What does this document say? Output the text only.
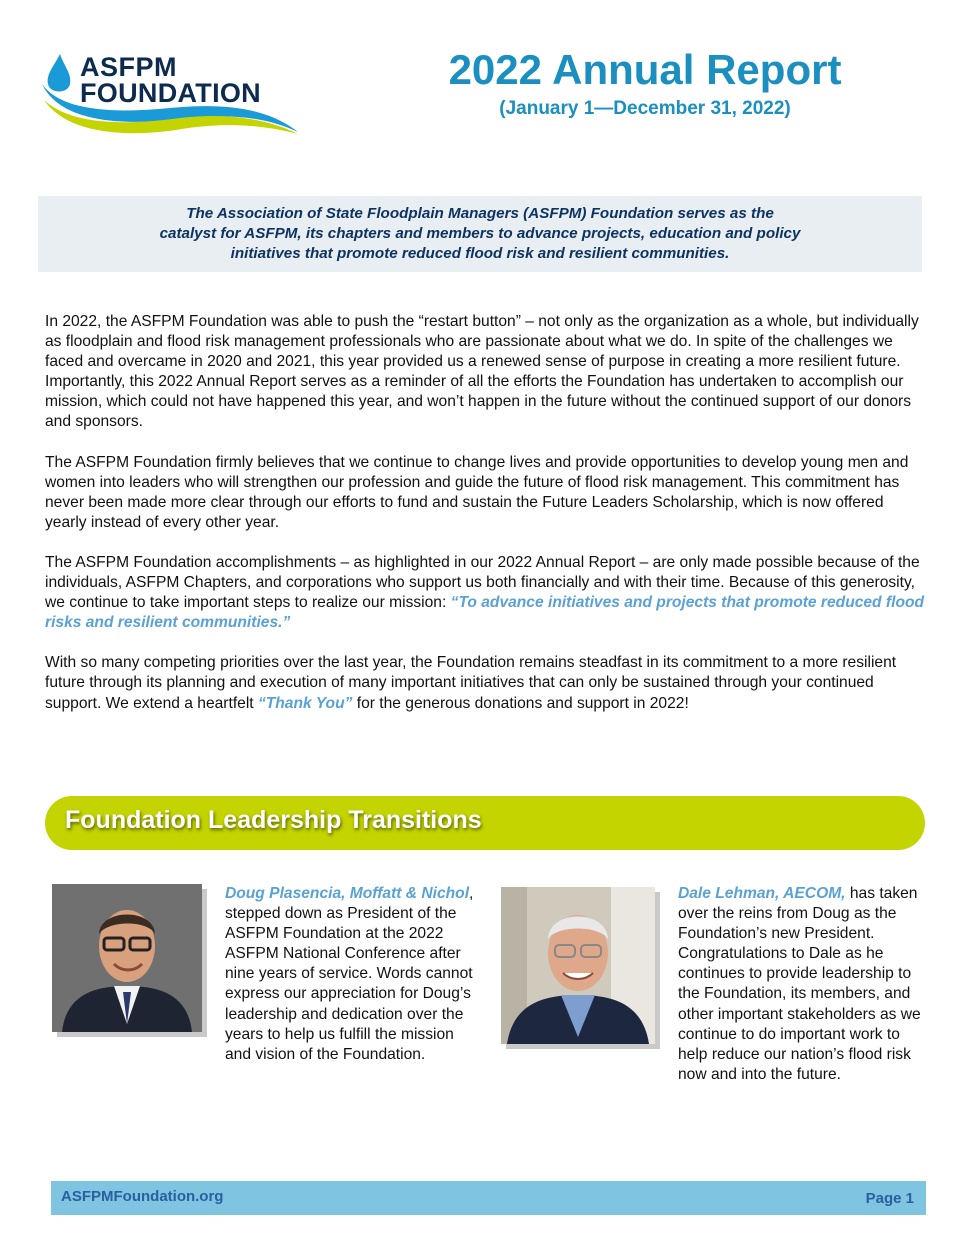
ASFPM
FOUNDATION	2022 Annual Report
(January 1—December 31, 2022)
The Association of State Floodplain Managers (ASFPM) Foundation serves as the
catalyst for ASFPM, its chapters and members to advance projects, education and policy
initiatives that promote reduced flood risk and resilient communities.

In 2022, the ASFPM Foundation was able to push the “restart button” – not only as the organization as a whole, but individually as floodplain and flood risk management professionals who are passionate about what we do. In spite of the challenges we faced and overcame in 2020 and 2021, this year provided us a renewed sense of purpose in creating a more resilient future. Importantly, this 2022 Annual Report serves as a reminder of all the efforts the Foundation has undertaken to accomplish our mission, which could not have happened this year, and won’t happen in the future without the continued support of our donors and sponsors.

The ASFPM Foundation firmly believes that we continue to change lives and provide opportunities to develop young men and women into leaders who will strengthen our profession and guide the future of flood risk management. This commitment has never been made more clear through our efforts to fund and sustain the Future Leaders Scholarship, which is now offered yearly instead of every other year.

The ASFPM Foundation accomplishments – as highlighted in our 2022 Annual Report – are only made possible because of the individuals, ASFPM Chapters, and corporations who support us both financially and with their time. Because of this generosity, we continue to take important steps to realize our mission: “To advance initiatives and projects that promote reduced flood risks and resilient communities.”

With so many competing priorities over the last year, the Foundation remains steadfast in its commitment to a more resilient future through its planning and execution of many important initiatives that can only be sustained through your continued support. We extend a heartfelt “Thank You” for the generous donations and support in 2022!

Foundation Leadership Transitions
Doug Plasencia, Moffatt & Nichol, stepped down as President of the ASFPM Foundation at the 2022 ASFPM National Conference after nine years of service. Words cannot express our appreciation for Doug’s leadership and dedication over the years to help us fulfill the mission and vision of the Foundation.
Dale Lehman, AECOM, has taken over the reins from Doug as the Foundation’s new President. Congratulations to Dale as he continues to provide leadership to the Foundation, its members, and other important stakeholders as we continue to do important work to help reduce our nation’s flood risk now and into the future.
ASFPMFoundation.org	Page 1
